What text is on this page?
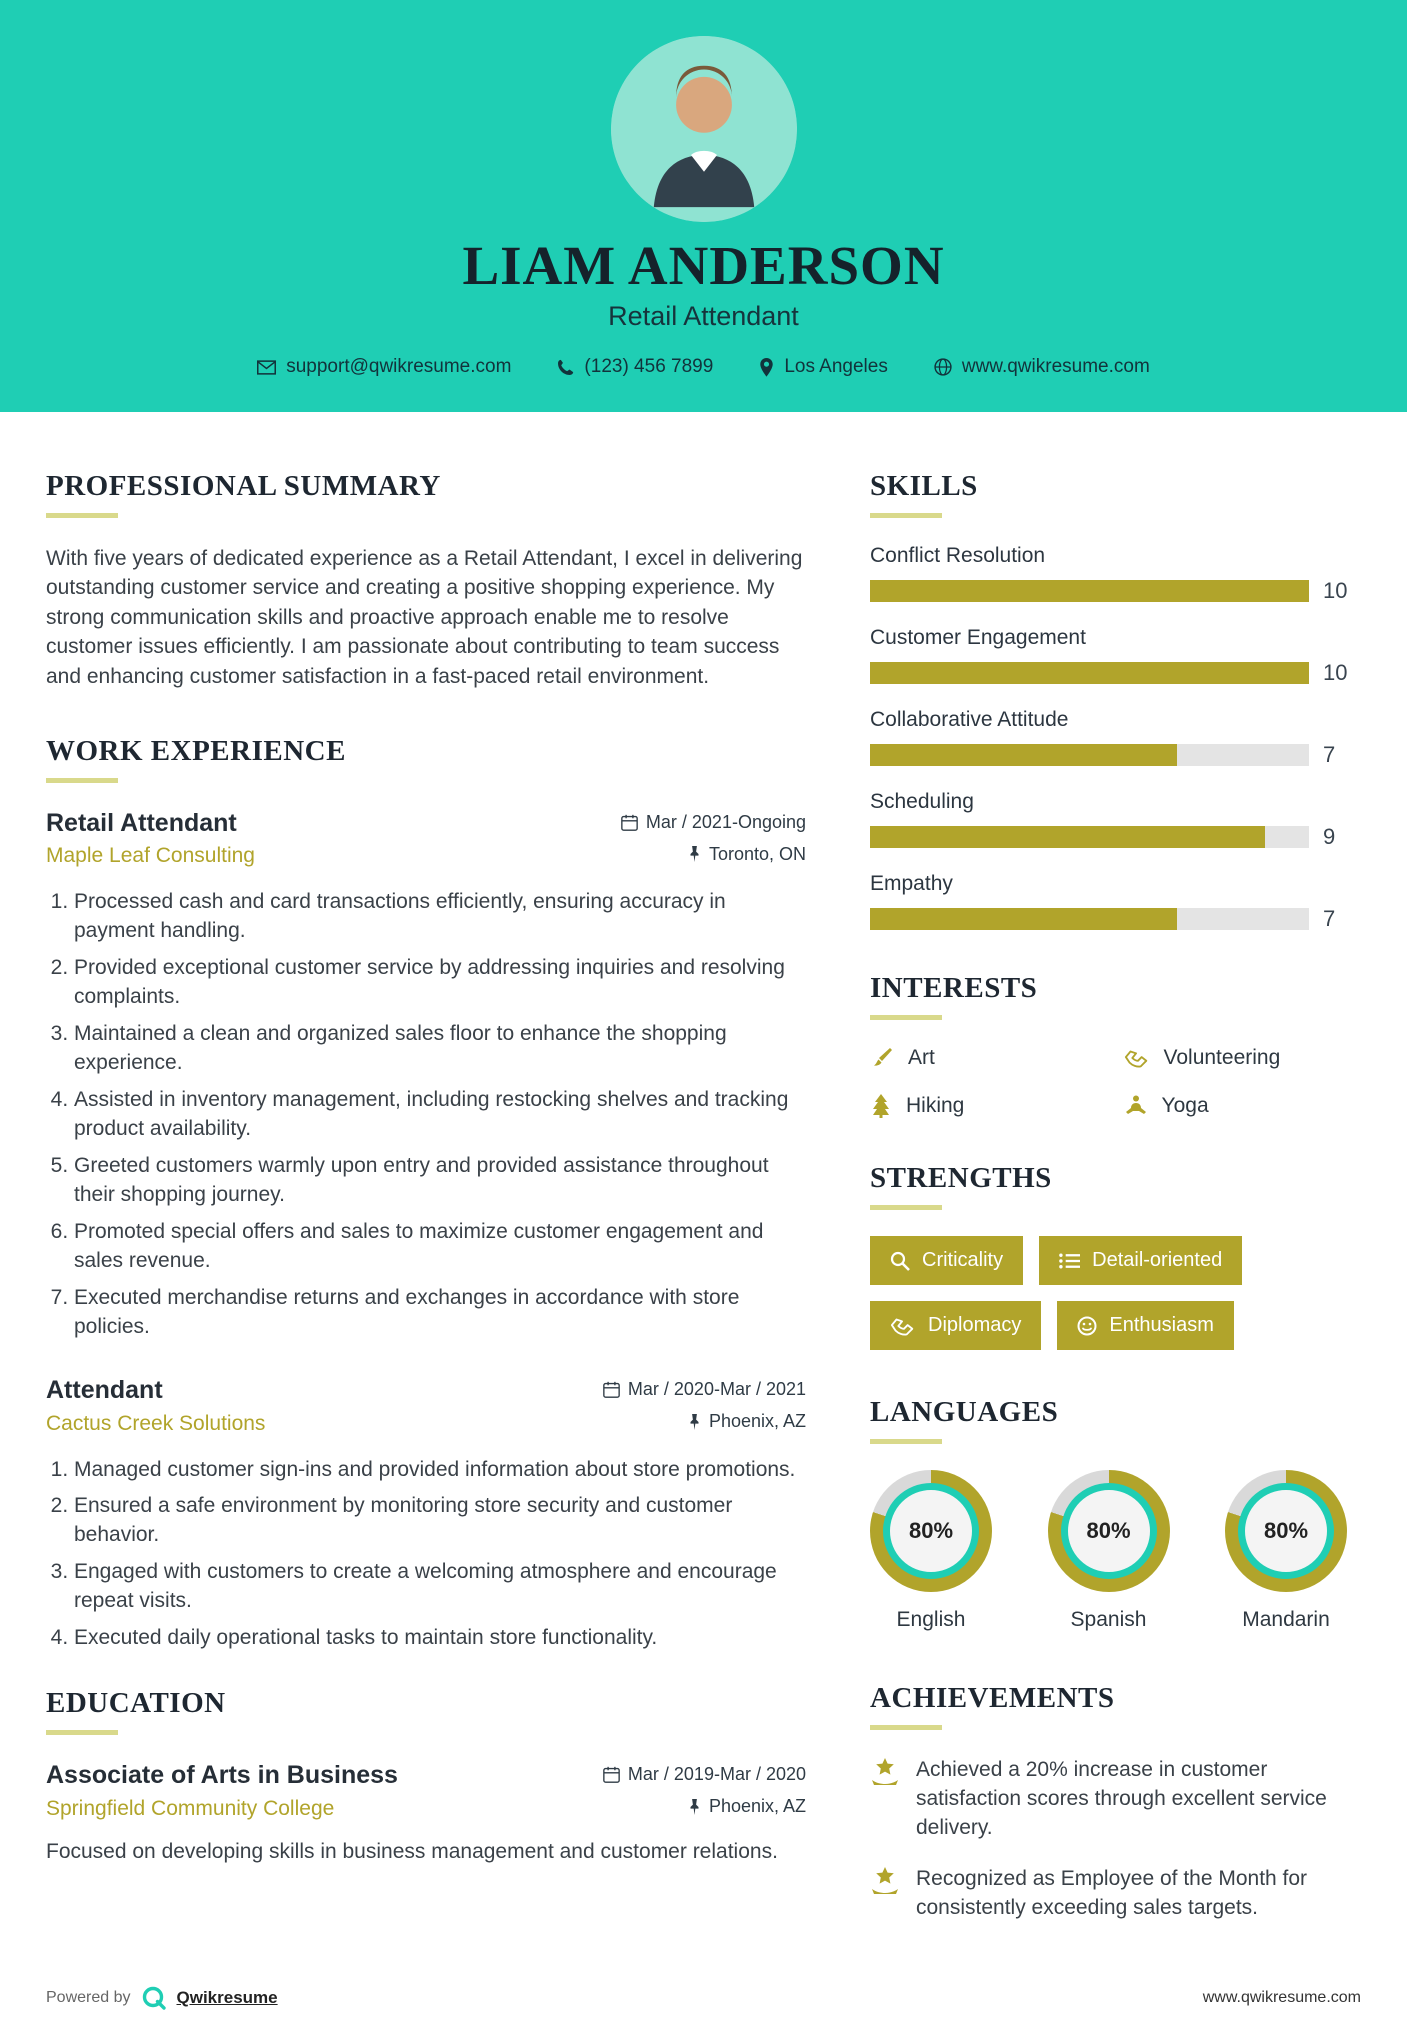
LIAM ANDERSON
Retail Attendant
support@qwikresume.com	(123) 456 7899	Los Angeles	www.qwikresume.com
PROFESSIONAL SUMMARY

With five years of dedicated experience as a Retail Attendant, I excel in delivering outstanding customer service and creating a positive shopping experience. My strong communication skills and proactive approach enable me to resolve customer issues efficiently. I am passionate about contributing to team success and enhancing customer satisfaction in a fast-paced retail environment.

WORK EXPERIENCE
Retail Attendant	Mar / 2021-Ongoing
Maple Leaf Consulting	Toronto, ON
1. Processed cash and card transactions efficiently, ensuring accuracy in payment handling.
2. Provided exceptional customer service by addressing inquiries and resolving complaints.
3. Maintained a clean and organized sales floor to enhance the shopping experience.
4. Assisted in inventory management, including restocking shelves and tracking product availability.
5. Greeted customers warmly upon entry and provided assistance throughout their shopping journey.
6. Promoted special offers and sales to maximize customer engagement and sales revenue.
7. Executed merchandise returns and exchanges in accordance with store policies.
Attendant	Mar / 2020-Mar / 2021
Cactus Creek Solutions	Phoenix, AZ
1. Managed customer sign-ins and provided information about store promotions.
2. Ensured a safe environment by monitoring store security and customer behavior.
3. Engaged with customers to create a welcoming atmosphere and encourage repeat visits.
4. Executed daily operational tasks to maintain store functionality.
EDUCATION
Associate of Arts in Business	Mar / 2019-Mar / 2020
Springfield Community College	Phoenix, AZ

Focused on developing skills in business management and customer relations.

SKILLS
Conflict Resolution
10
Customer Engagement
10
Collaborative Attitude
7
Scheduling
9
Empathy
7
INTERESTS
Art	Volunteering
Hiking	Yoga
STRENGTHS
Criticality	Detail-oriented
Diplomacy	Enthusiasm
LANGUAGES
80%
English
80%
Spanish
80%
Mandarin
ACHIEVEMENTS
Achieved a 20% increase in customer satisfaction scores through excellent service delivery.
Recognized as Employee of the Month for consistently exceeding sales targets.
Powered by	Qwikresume	www.qwikresume.com
